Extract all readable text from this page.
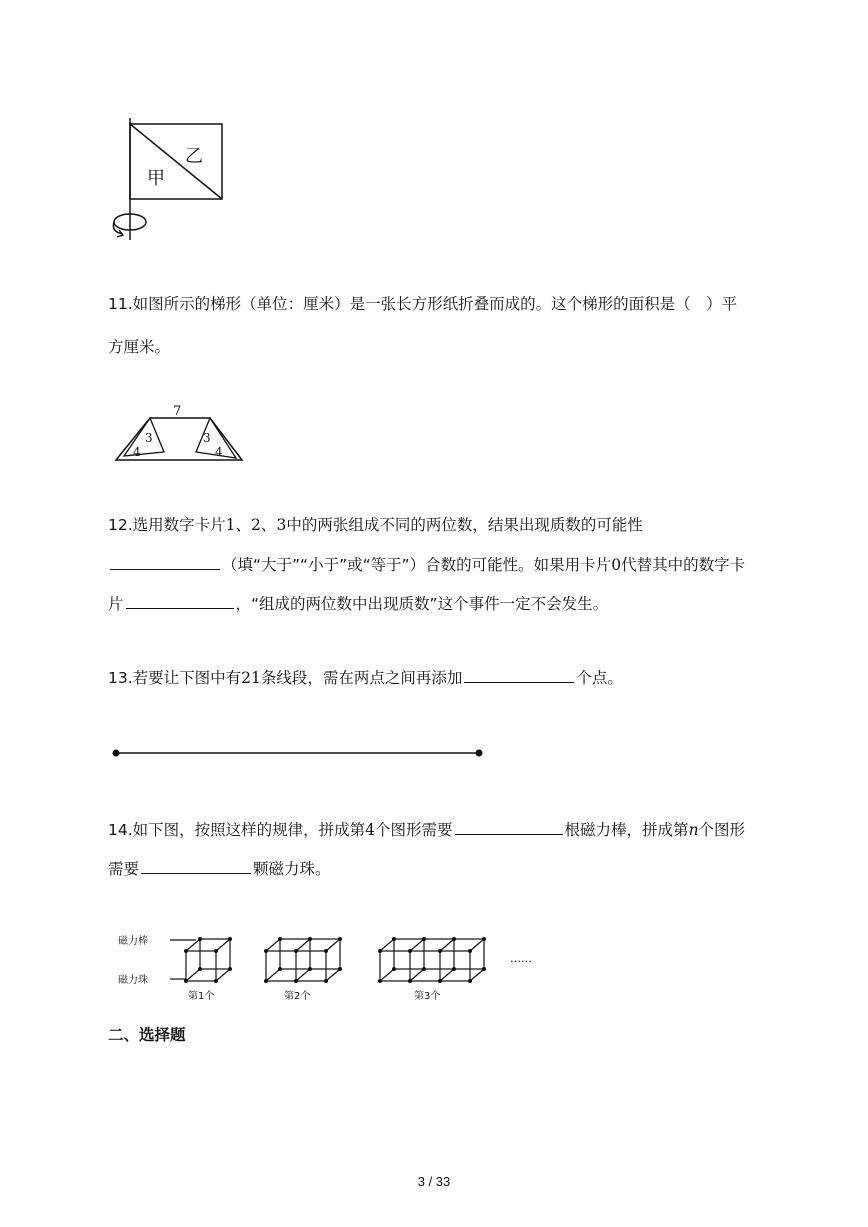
乙
甲
11.如图所示的梯形（单位：厘米）是一张长方形纸折叠而成的。这个梯形的面积是（　）平
方厘米。
7
3
4
3
4
12.选用数字卡片1、2、3中的两张组成不同的两位数，结果出现质数的可能性
（填“大于”“小于”或“等于”）合数的可能性。如果用卡片0代替其中的数字卡
片	，“组成的两位数中出现质数”这个事件一定不会发生。
13.若要让下图中有21条线段，需在两点之间再添加	个点。
14.如下图，按照这样的规律，拼成第4个图形需要	根磁力棒，拼成第n个图形
需要	颗磁力珠。
磁力棒
磁力珠
第1个	第2个	第3个
……
二、选择题
3 / 33
